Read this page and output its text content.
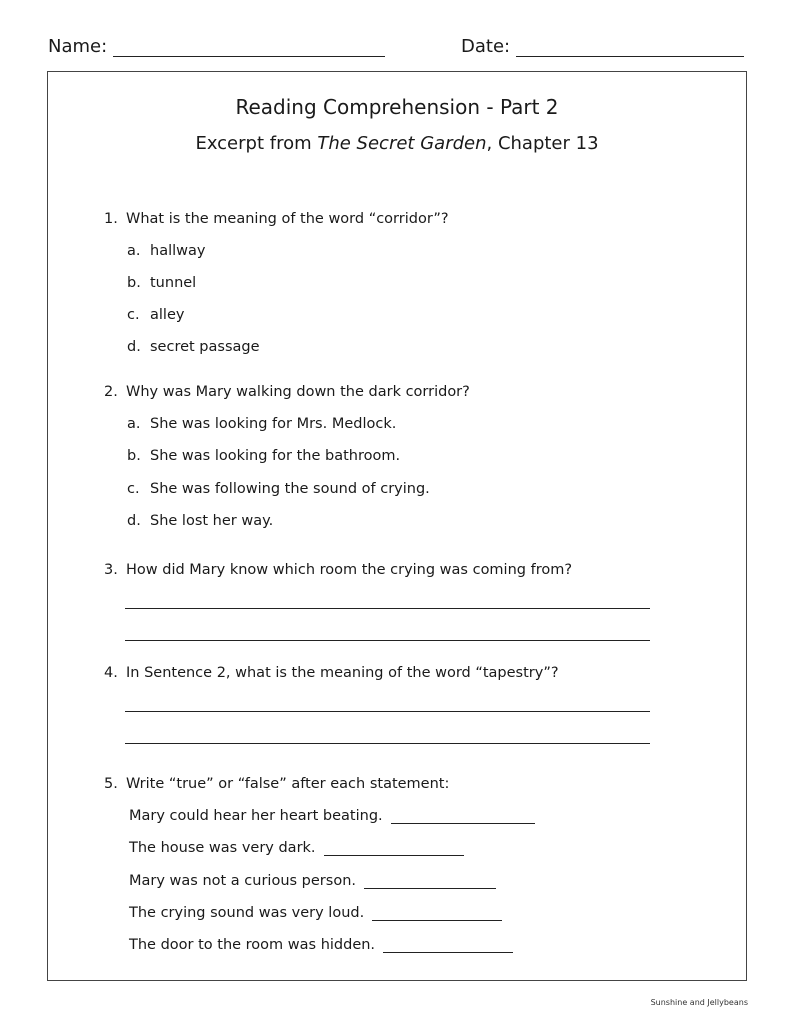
Name:	Date:
Reading Comprehension - Part 2

Excerpt from The Secret Garden, Chapter 13

1. What is the meaning of the word “corridor”?
a. hallway
b. tunnel
c. alley
d. secret passage
2. Why was Mary walking down the dark corridor?
a. She was looking for Mrs. Medlock.
b. She was looking for the bathroom.
c. She was following the sound of crying.
d. She lost her way.
3. How did Mary know which room the crying was coming from?
4. In Sentence 2, what is the meaning of the word “tapestry”?
5. Write “true” or “false” after each statement:
Mary could hear her heart beating.
The house was very dark.
Mary was not a curious person.
The crying sound was very loud.
The door to the room was hidden.
Sunshine and Jellybeans
